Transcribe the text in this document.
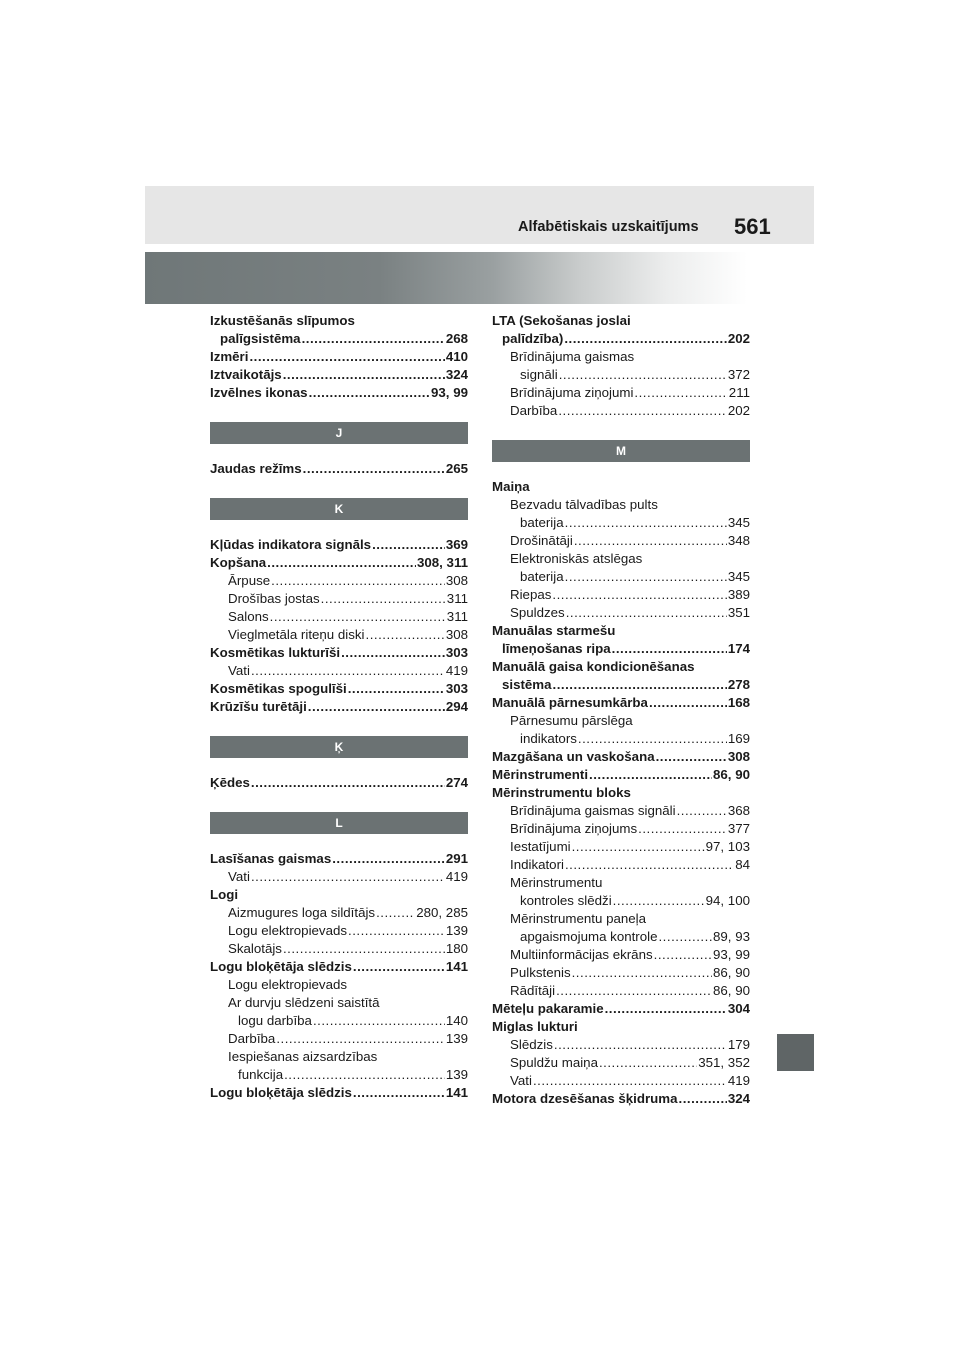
Alfabētiskais uzskaitījums 561
Izkustēšanās slīpumos
palīgsistēma .....	268
Izmēri .....	410
Iztvaikotājs .....	324
Izvēlnes ikonas .....	93, 99
J
Jaudas režīms .....	265
K
Kļūdas indikatora signāls .....	369
Kopšana .....	308, 311
Ārpuse .....	308
Drošības jostas .....	311
Salons .....	311
Vieglmetāla riteņu diski .....	308
Kosmētikas lukturīši .....	303
Vati .....	419
Kosmētikas spogulīši .....	303
Krūzīšu turētāji .....	294
Ķ
Ķēdes .....	274
L
Lasīšanas gaismas .....	291
Vati .....	419
Logi
Aizmugures loga sildītājs .....	280, 285
Logu elektropievads .....	139
Skalotājs .....	180
Logu bloķētāja slēdzis .....	141
Logu elektropievads
Ar durvju slēdzeni saistītā
logu darbība .....	140
Darbība .....	139
Iespiešanas aizsardzības
funkcija .....	139
Logu bloķētāja slēdzis .....	141
LTA (Sekošanas joslai
palīdzība) .....	202
Brīdinājuma gaismas
signāli .....	372
Brīdinājuma ziņojumi .....	211
Darbība .....	202
M
Maiņa
Bezvadu tālvadības pults
baterija .....	345
Drošinātāji .....	348
Elektroniskās atslēgas
baterija .....	345
Riepas .....	389
Spuldzes .....	351
Manuālas starmešu
līmeņošanas ripa .....	174
Manuālā gaisa kondicionēšanas
sistēma .....	278
Manuālā pārnesumkārba .....	168
Pārnesumu pārslēga
indikators .....	169
Mazgāšana un vaskošana .....	308
Mērinstrumenti .....	86, 90
Mērinstrumentu bloks
Brīdinājuma gaismas signāli .....	368
Brīdinājuma ziņojums .....	377
Iestatījumi .....	97, 103
Indikatori .....	84
Mērinstrumentu
kontroles slēdži .....	94, 100
Mērinstrumentu paneļa
apgaismojuma kontrole .....	89, 93
Multiinformācijas ekrāns .....	93, 99
Pulkstenis .....	86, 90
Rādītāji .....	86, 90
Mēteļu pakaramie .....	304
Miglas lukturi
Slēdzis .....	179
Spuldžu maiņa .....	351, 352
Vati .....	419
Motora dzesēšanas šķidruma .....	324
